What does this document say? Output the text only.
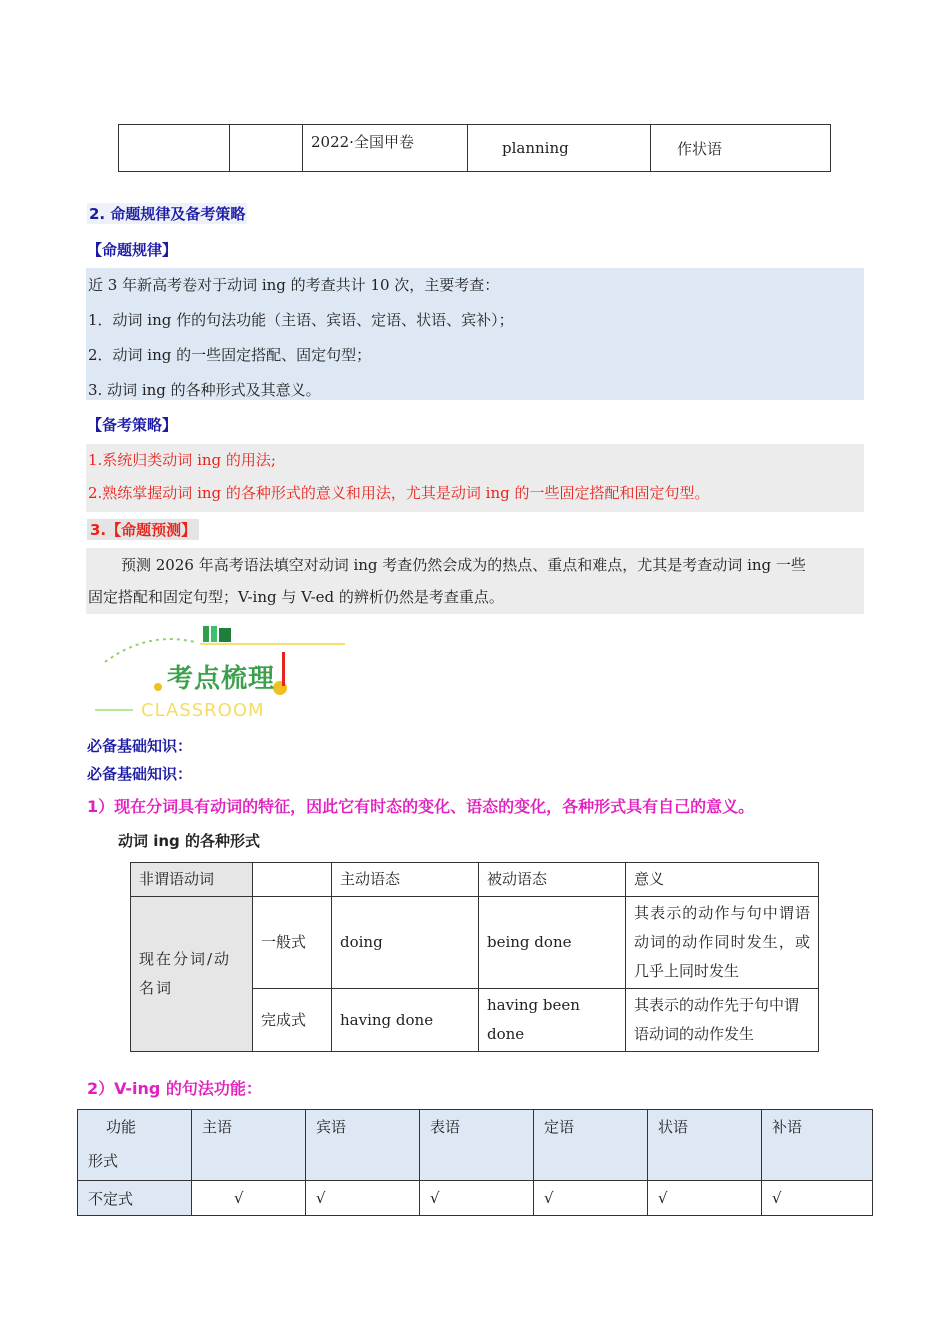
		2022·全国甲卷	planning	作状语
2. 命题规律及备考策略
【命题规律】
近 3 年新高考卷对于动词 ing 的考查共计 10 次，主要考查：
1．动词 ing 作的句法功能（主语、宾语、定语、状语、宾补）；
2．动词 ing 的一些固定搭配、固定句型；
3. 动词 ing 的各种形式及其意义。
【备考策略】
1.系统归类动词 ing 的用法;
2.熟练掌握动词 ing 的各种形式的意义和用法，尤其是动词 ing 的一些固定搭配和固定句型。
3.【命题预测】
预测 2026 年高考语法填空对动词 ing 考查仍然会成为的热点、重点和难点，尤其是考查动词 ing 一些
固定搭配和固定句型；V-ing 与 V-ed 的辨析仍然是考查重点。
考点梳理
CLASSROOM
必备基础知识：
必备基础知识：
1）现在分词具有动词的特征，因此它有时态的变化、语态的变化，各种形式具有自己的意义。
动词 ing 的各种形式
非谓语动词		主动语态	被动语态	意义
现在分词/动名词	一般式	doing	being done	其表示的动作与句中谓语动词的动作同时发生，或几乎上同时发生
	完成式	having done	having been done	其表示的动作先于句中谓语动词的动作发生
2）V-ing 的句法功能：
功能
形式	主语	宾语	表语	定语	状语	补语
不定式	√	√	√	√	√	√
